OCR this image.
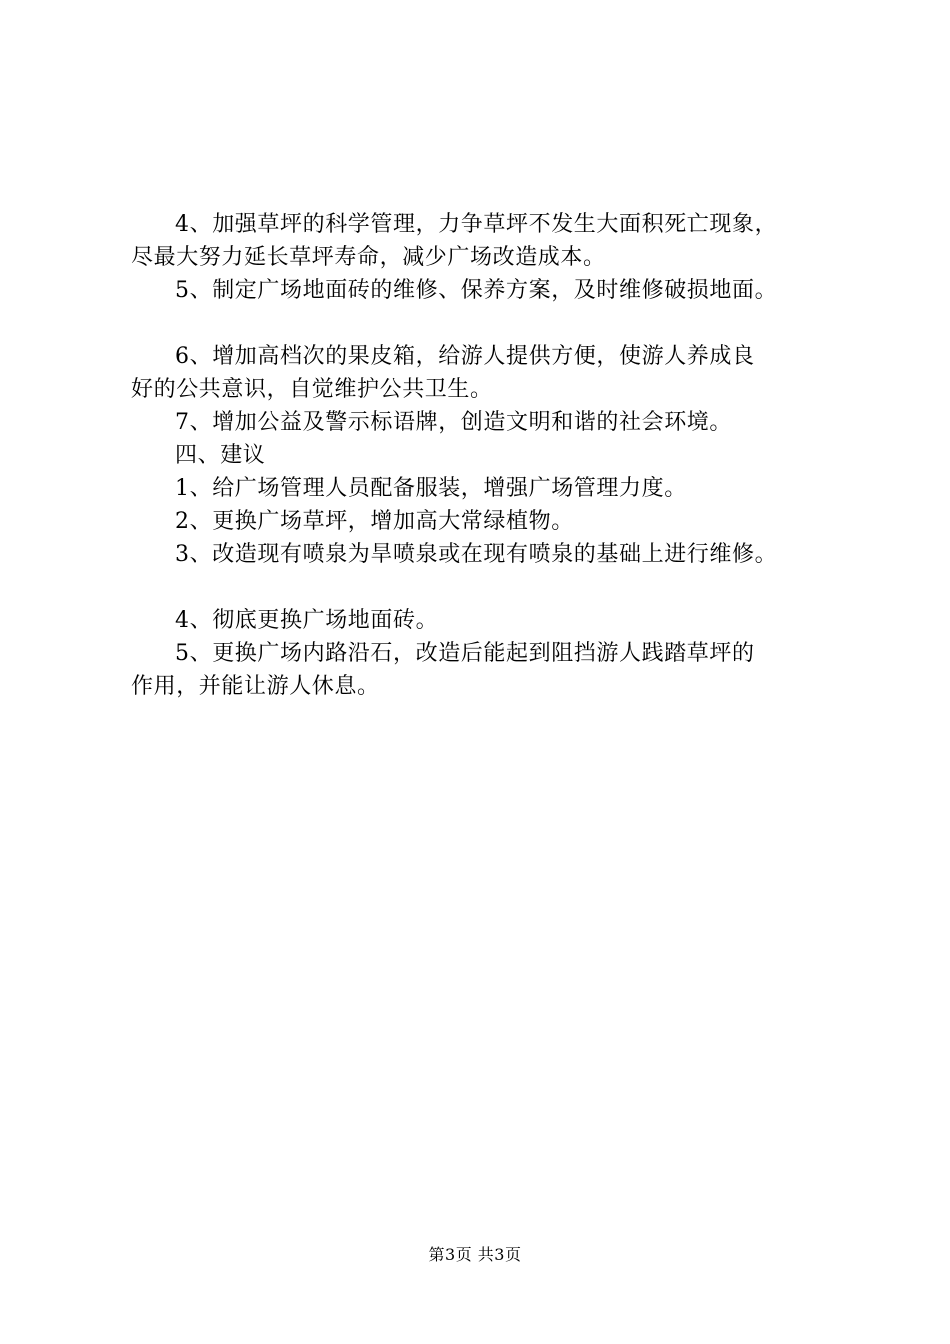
4、加强草坪的科学管理，力争草坪不发生大面积死亡现象，
尽最大努力延长草坪寿命，减少广场改造成本。
5、制定广场地面砖的维修、保养方案，及时维修破损地面。
6、增加高档次的果皮箱，给游人提供方便，使游人养成良
好的公共意识，自觉维护公共卫生。
7、增加公益及警示标语牌，创造文明和谐的社会环境。
四、建议
1、给广场管理人员配备服装，增强广场管理力度。
2、更换广场草坪，增加高大常绿植物。
3、改造现有喷泉为旱喷泉或在现有喷泉的基础上进行维修。
4、彻底更换广场地面砖。
5、更换广场内路沿石，改造后能起到阻挡游人践踏草坪的
作用，并能让游人休息。
第3页 共3页
